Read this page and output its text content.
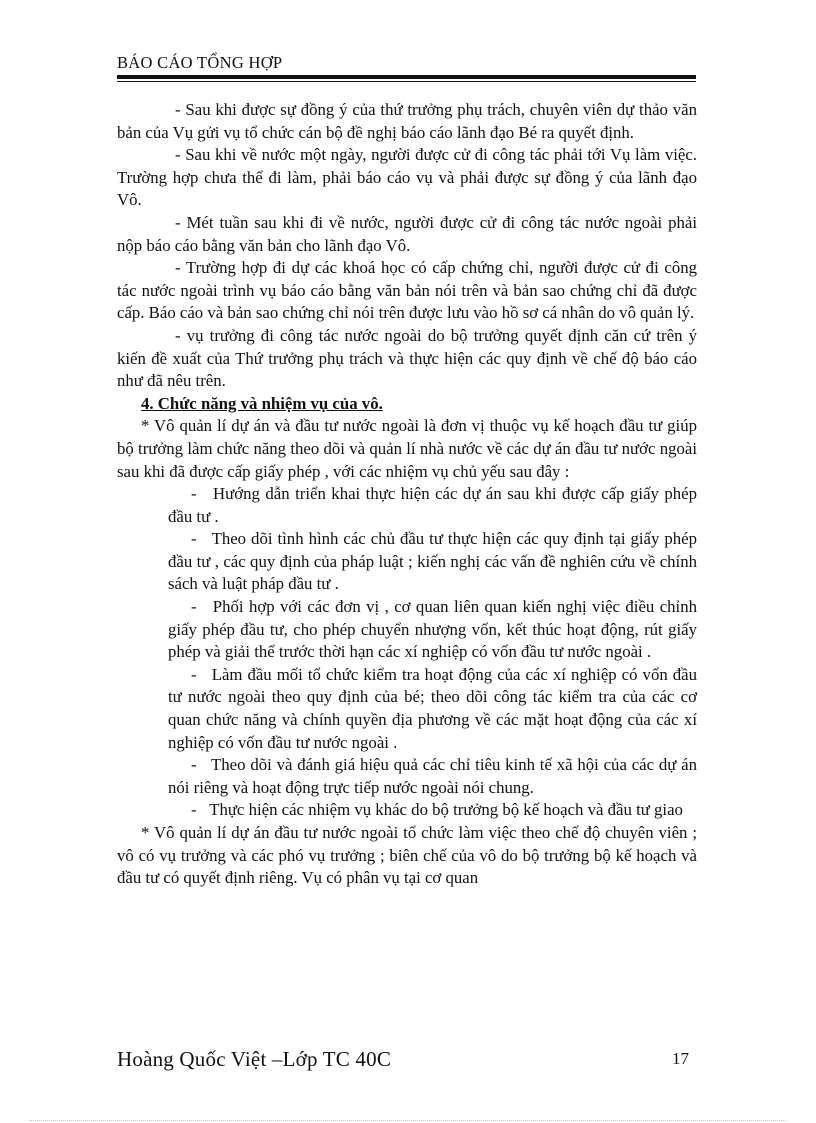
BÁO CÁO TỔNG HỢP

- Sau khi được sự đồng ý của thứ trưởng phụ trách, chuyên viên dự thảo văn bản của Vụ gửi vụ tổ chức cán bộ đề nghị báo cáo lãnh đạo Bé ra quyết định.

- Sau khi về nước một ngày, người được cử đi công tác phải tới Vụ làm việc. Trường hợp chưa thể đi làm, phải báo cáo vụ và phải được sự đồng ý của lãnh đạo Vô.

- Mét tuần sau khi đi về nước, người được cử đi công tác nước ngoài phải nộp báo cáo bằng văn bản cho lãnh đạo Vô.

- Trường hợp đi dự các khoá học có cấp chứng chỉ, người được cử đi công tác nước ngoài trình vụ báo cáo bằng văn bản nói trên và bản sao chứng chỉ đã được cấp. Báo cáo và bản sao chứng chỉ nói trên được lưu vào hồ sơ cá nhân do vô quản lý.

- vụ trưởng đi công tác nước ngoài do bộ trưởng quyết định căn cứ trên ý kiến đề xuất của Thứ trưởng phụ trách và thực hiện các quy định về chế độ báo cáo như đã nêu trên.

4. Chức năng và nhiệm vụ của vô.

* Vô quản lí dự án và đầu tư nước ngoài là đơn vị thuộc vụ kế hoạch đầu tư giúp bộ trưởng làm chức năng theo dõi và quản lí nhà nước về các dự án đầu tư nước ngoài sau khi đã được cấp giấy phép , với các nhiệm vụ chủ yếu sau đây :

- Hướng dẫn triển khai thực hiện các dự án sau khi được cấp giấy phép đầu tư .
- Theo dõi tình hình các chủ đầu tư thực hiện các quy định tại giấy phép đầu tư , các quy định của pháp luật ; kiến nghị các vấn đề nghiên cứu về chính sách và luật pháp đầu tư .
- Phối hợp với các đơn vị , cơ quan liên quan kiến nghị việc điều chỉnh giấy phép đầu tư, cho phép chuyển nhượng vốn, kết thúc hoạt động, rút giấy phép và giải thể trước thời hạn các xí nghiệp có vốn đầu tư nước ngoài .
- Làm đầu mối tổ chức kiểm tra hoạt động của các xí nghiệp có vốn đầu tư nước ngoài theo quy định của bé; theo dõi công tác kiểm tra của các cơ quan chức năng và chính quyền địa phương về các mặt hoạt động của các xí nghiệp có vốn đầu tư nước ngoài .
- Theo dõi và đánh giá hiệu quả các chỉ tiêu kinh tế xã hội của các dự án nói riêng và hoạt động trực tiếp nước ngoài nói chung.
- Thực hiện các nhiệm vụ khác do bộ trưởng bộ kế hoạch và đầu tư giao

* Vô quản lí dự án đầu tư nước ngoài tổ chức làm việc theo chế độ chuyên viên ; vô có vụ trưởng và các phó vụ trưởng ; biên chế của vô do bộ trưởng bộ kế hoạch và đầu tư có quyết định riêng. Vụ có phân vụ tại cơ quan

Hoàng Quốc Việt –Lớp TC 40C	17
